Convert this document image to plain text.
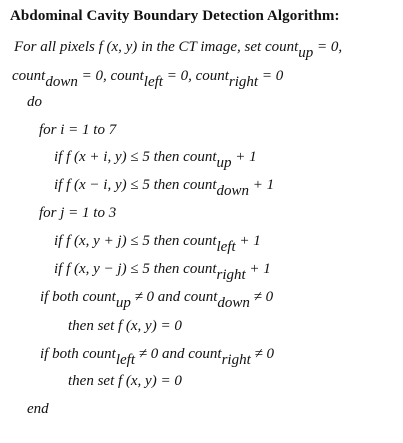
Abdominal Cavity Boundary Detection Algorithm:
For all pixels f (x, y) in the CT image, set count$_{up}$ = 0,
count$_{down}$ = 0, count$_{left}$ = 0, count$_{right}$ = 0
do
for i = 1 to 7
if f (x + i, y) ≤ 5 then count$_{up}$ + 1
if f (x − i, y) ≤ 5 then count$_{down}$ + 1
for j = 1 to 3
if f (x, y + j) ≤ 5 then count$_{left}$ + 1
if f (x, y − j) ≤ 5 then count$_{right}$ + 1
if both count$_{up}$ ≠ 0 and count$_{down}$ ≠ 0
then set f (x, y) = 0
if both count$_{left}$ ≠ 0 and count$_{right}$ ≠ 0
then set f (x, y) = 0
end
